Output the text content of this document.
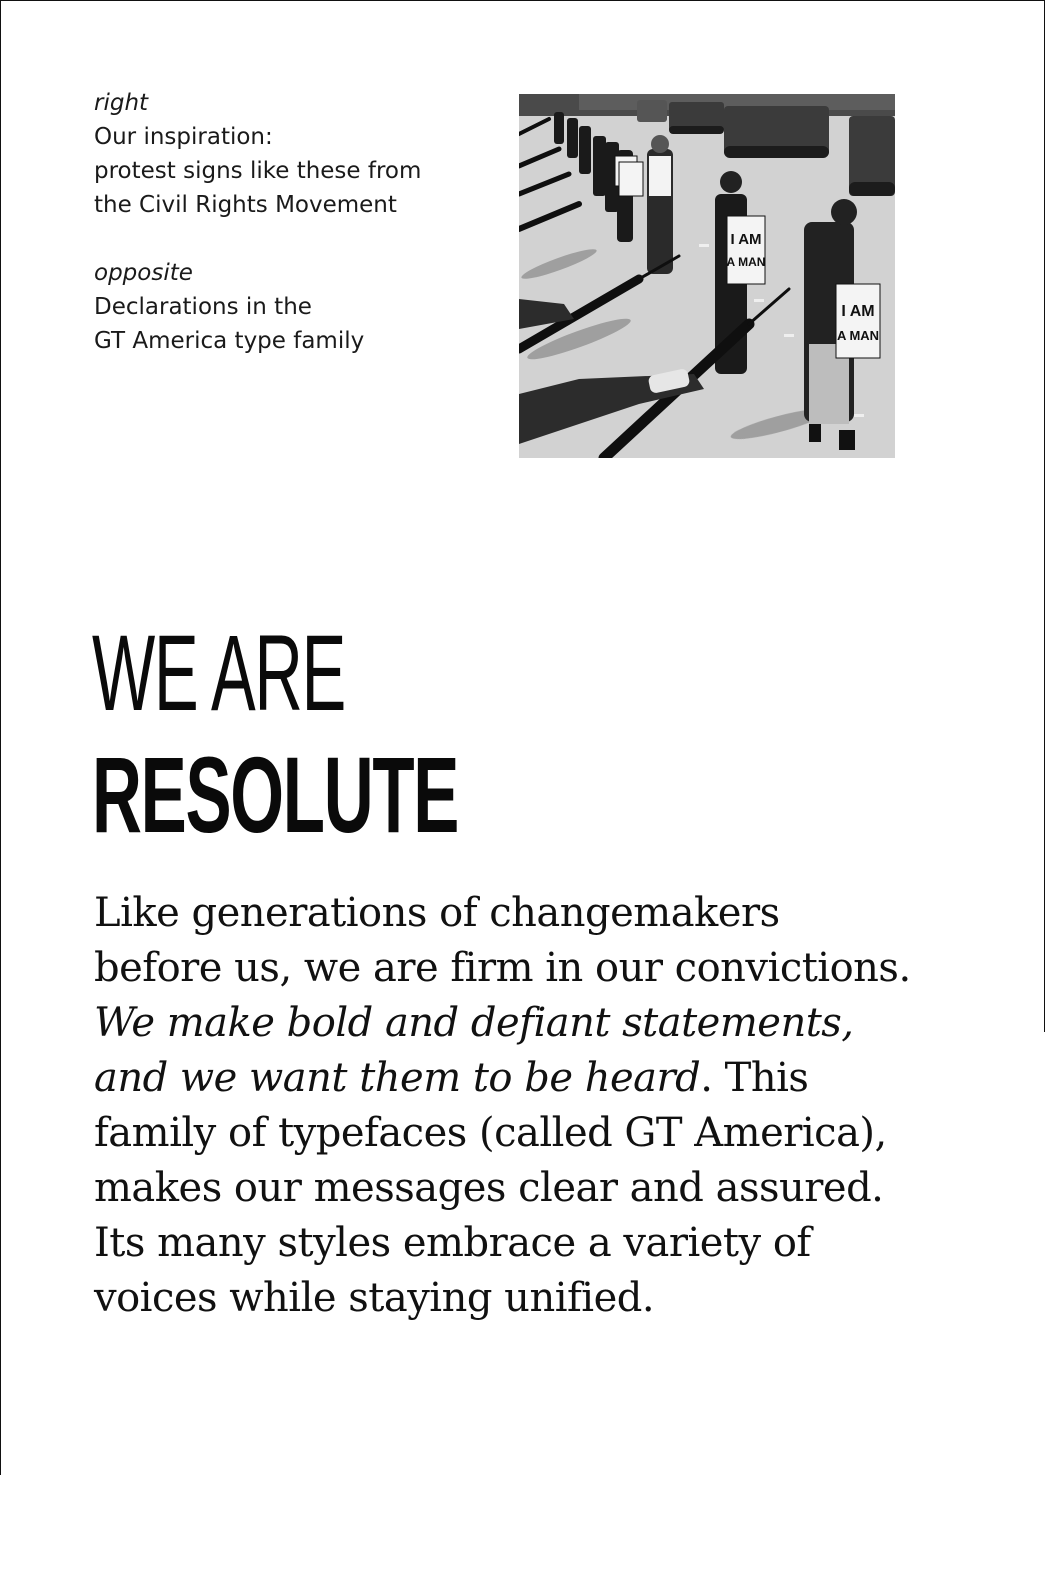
right

Our inspiration:

protest signs like these from

the Civil Rights Movement

opposite

Declarations in the

GT America type family

I AM
A MAN
I AM
A MAN
WE ARE
RESOLUTE

Like generations of changemakers
before us, we are firm in our convictions.
We make bold and defiant statements,
and we want them to be heard. This
family of typefaces (called GT America),
makes our messages clear and assured.
Its many styles embrace a variety of
voices while staying unified.
